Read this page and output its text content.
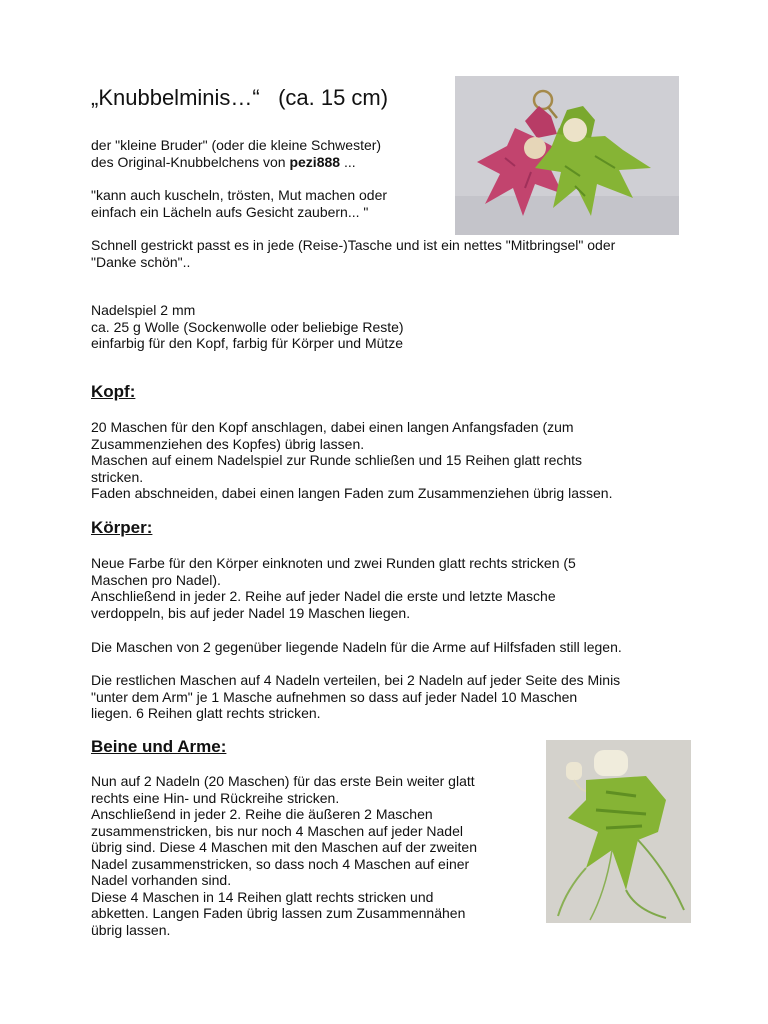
„Knubbelminis…“   (ca. 15 cm)
der "kleine Bruder" (oder die kleine Schwester)
des Original-Knubbelchens von pezi888 ...
"kann auch kuscheln, trösten, Mut machen oder
einfach ein Lächeln aufs Gesicht zaubern... "
Schnell gestrickt passt es in jede (Reise-)Tasche und ist ein nettes "Mitbringsel" oder
"Danke schön"..
Nadelspiel 2 mm
ca. 25 g Wolle (Sockenwolle oder beliebige Reste)
einfarbig für den Kopf, farbig für Körper und Mütze
Kopf:
20 Maschen für den Kopf anschlagen, dabei einen langen Anfangsfaden (zum
Zusammenziehen des Kopfes) übrig lassen.
Maschen auf einem Nadelspiel zur Runde schließen und 15 Reihen glatt rechts
stricken.
Faden abschneiden, dabei einen langen Faden zum Zusammenziehen übrig lassen.
Körper:
Neue Farbe für den Körper einknoten und zwei Runden glatt rechts stricken (5
Maschen pro Nadel).
Anschließend in jeder 2. Reihe auf jeder Nadel die erste und letzte Masche
verdoppeln, bis auf jeder Nadel 19 Maschen liegen.
Die Maschen von 2 gegenüber liegende Nadeln für die Arme auf Hilfsfaden still legen.
Die restlichen Maschen auf 4 Nadeln verteilen, bei 2 Nadeln auf jeder Seite des Minis
"unter dem Arm" je 1 Masche aufnehmen so dass auf jeder Nadel 10 Maschen
liegen. 6 Reihen glatt rechts stricken.
Beine und Arme:
Nun auf 2 Nadeln (20 Maschen) für das erste Bein weiter glatt
rechts eine Hin- und Rückreihe stricken.
Anschließend in jeder 2. Reihe die äußeren 2 Maschen
zusammenstricken, bis nur noch 4 Maschen auf jeder Nadel
übrig sind. Diese 4 Maschen mit den Maschen auf der zweiten
Nadel zusammenstricken, so dass noch 4 Maschen auf einer
Nadel vorhanden sind.
Diese 4 Maschen in 14 Reihen glatt rechts stricken und
abketten. Langen Faden übrig lassen zum Zusammennähen
übrig lassen.
